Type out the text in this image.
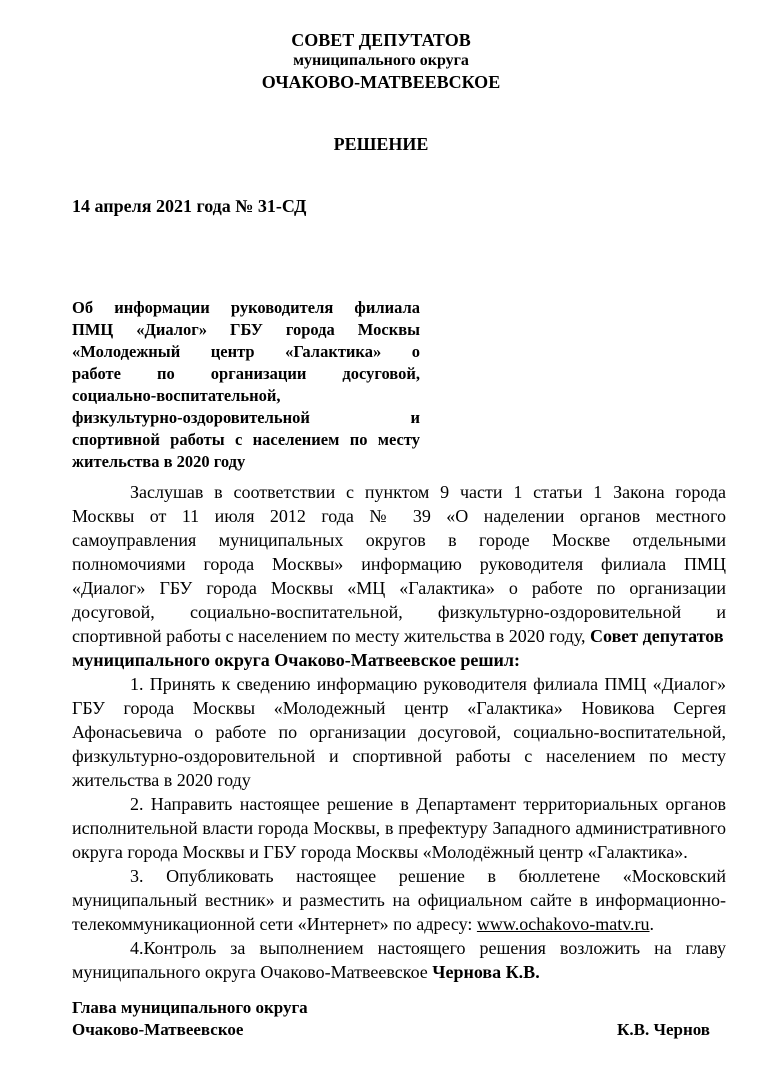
СОВЕТ ДЕПУТАТОВ
муниципального округа
ОЧАКОВО-МАТВЕЕВСКОЕ
РЕШЕНИЕ
14 апреля 2021 года № 31-СД
Об информации руководителя филиала
ПМЦ «Диалог» ГБУ города Москвы
«Молодежный центр «Галактика» о
работе по организации досуговой,
социально-воспитательной,
физкультурно-оздоровительной и
спортивной работы с населением по месту
жительства в 2020 году
Заслушав в соответствии с пунктом 9 части 1 статьи 1 Закона города
Москвы от 11 июля 2012 года № 39 «О наделении органов местного
самоуправления муниципальных округов в городе Москве отдельными
полномочиями города Москвы» информацию руководителя филиала ПМЦ
«Диалог» ГБУ города Москвы «МЦ «Галактика» о работе по организации
досуговой, социально-воспитательной, физкультурно-оздоровительной и
спортивной работы с населением по месту жительства в 2020 году, Совет депутатов
муниципального округа Очаково-Матвеевское решил:
1. Принять к сведению информацию руководителя филиала ПМЦ «Диалог»
ГБУ города Москвы «Молодежный центр «Галактика» Новикова Сергея
Афонасьевича о работе по организации досуговой, социально-воспитательной,
физкультурно-оздоровительной и спортивной работы с населением по месту
жительства в 2020 году
2. Направить настоящее решение в Департамент территориальных органов
исполнительной власти города Москвы, в префектуру Западного административного
округа города Москвы и ГБУ города Москвы «Молодёжный центр «Галактика».
3. Опубликовать настоящее решение в бюллетене «Московский
муниципальный вестник» и разместить на официальном сайте в информационно-
телекоммуникационной сети «Интернет» по адресу: www.ochakovo-matv.ru.
4.Контроль за выполнением настоящего решения возложить на главу
муниципального округа Очаково-Матвеевское Чернова К.В.
Глава муниципального округа
Очаково-Матвеевское	К.В. Чернов
